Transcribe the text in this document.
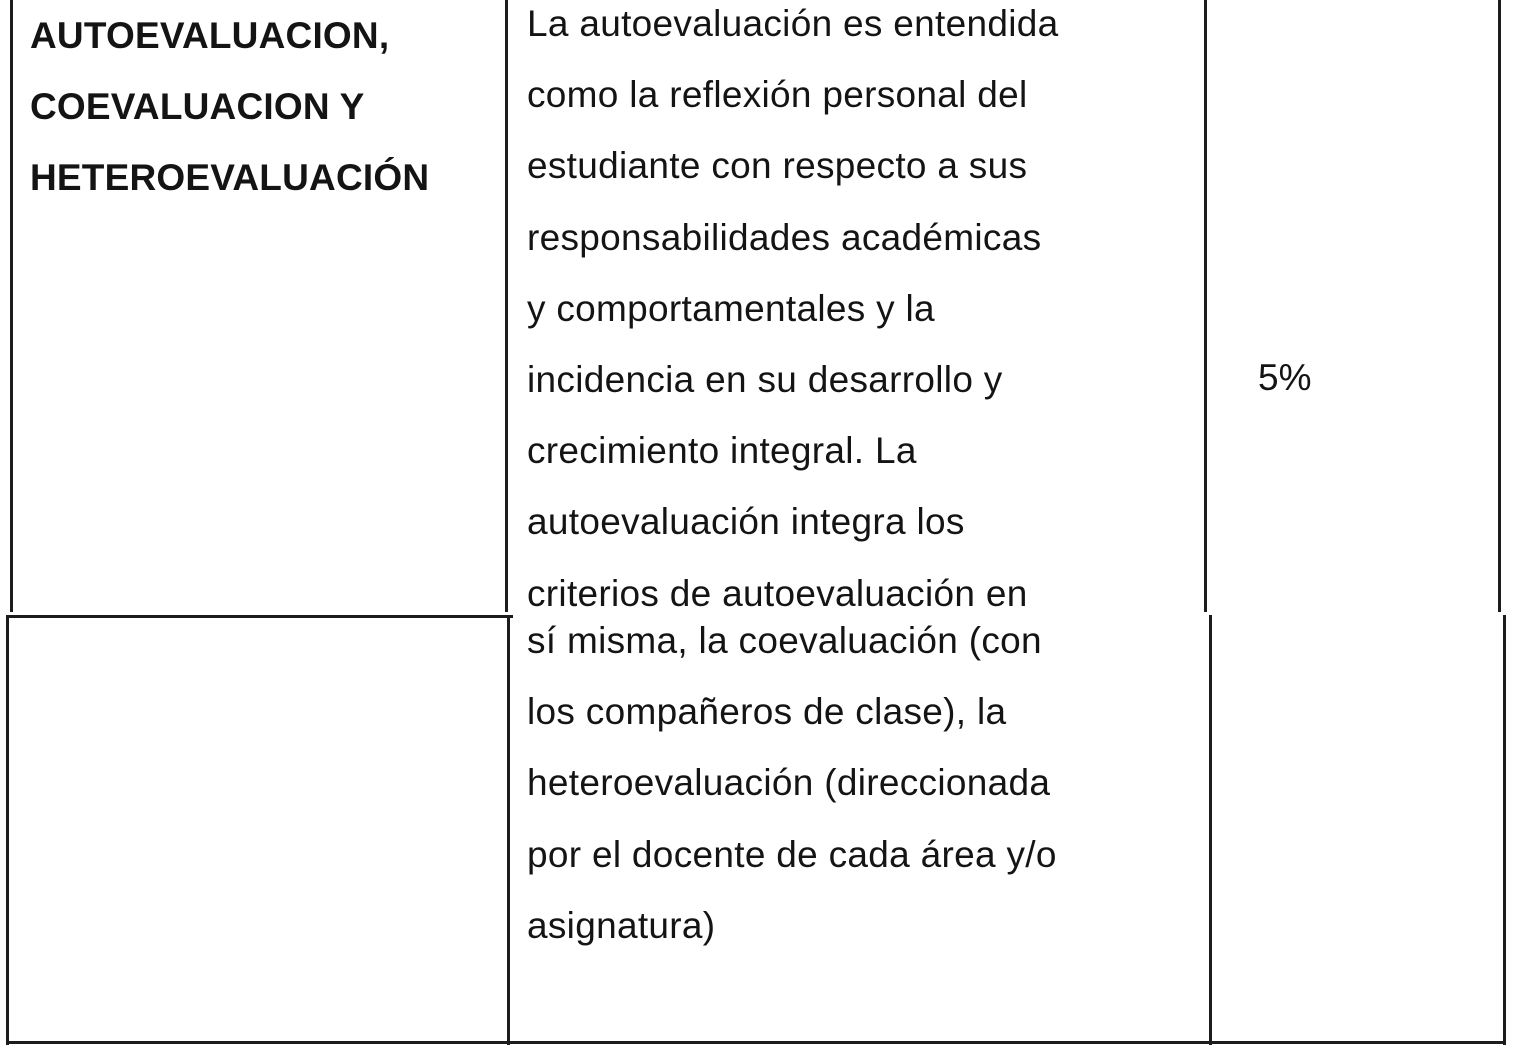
AUTOEVALUACION,
COEVALUACION Y
HETEROEVALUACIÓN
La autoevaluación es entendida
como la reflexión personal del
estudiante con respecto a sus
responsabilidades académicas
y comportamentales y la
incidencia en su desarrollo y
crecimiento integral. La
autoevaluación integra los
criterios de autoevaluación en
sí misma, la coevaluación (con
los compañeros de clase), la
heteroevaluación (direccionada
por el docente de cada área y/o
asignatura)
5%
